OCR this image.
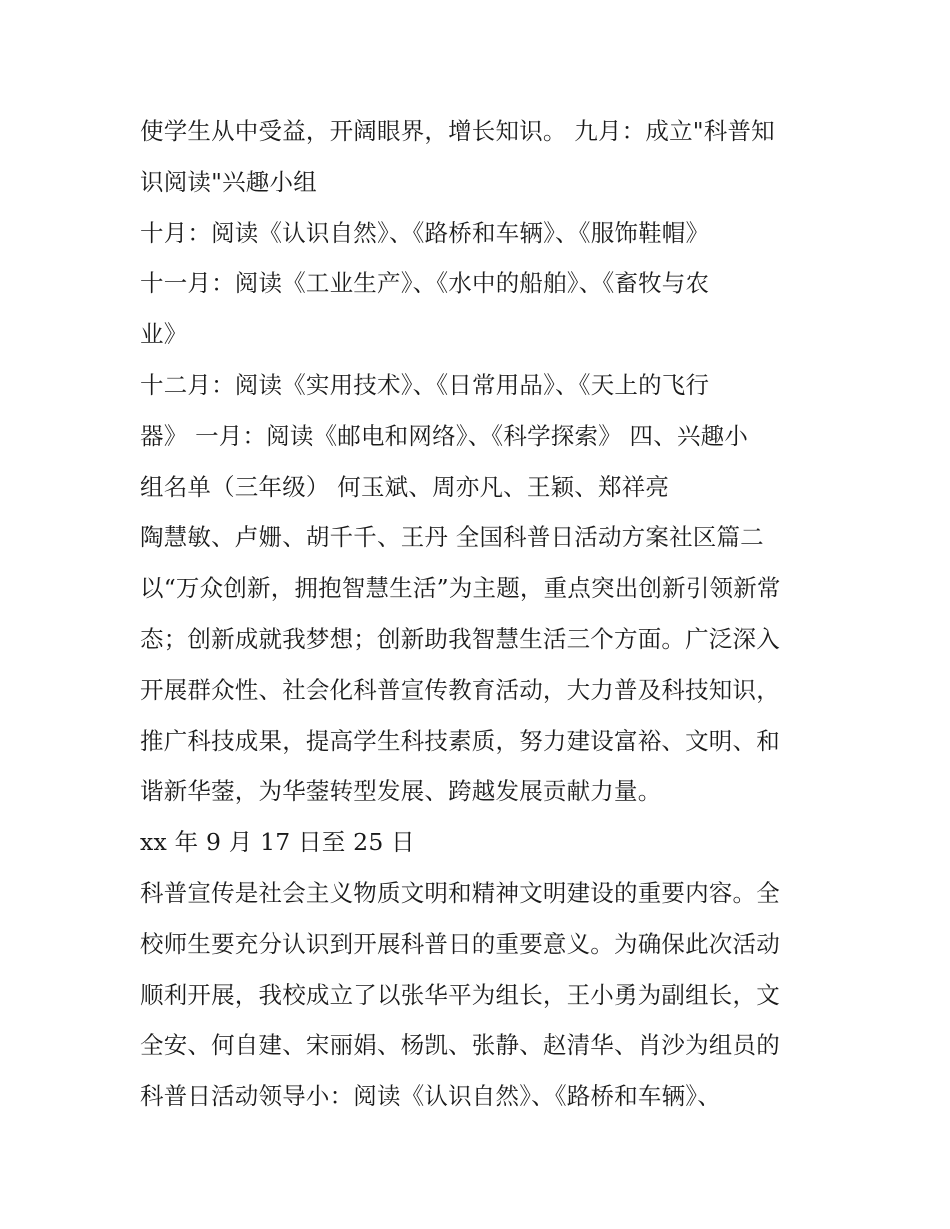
使学生从中受益，开阔眼界，增长知识。 九月：成立"科普知
识阅读"兴趣小组
十月：阅读《认识自然》、《路桥和车辆》、《服饰鞋帽》
十一月：阅读《工业生产》、《水中的船舶》、《畜牧与农
业》
十二月：阅读《实用技术》、《日常用品》、《天上的飞行
器》 一月：阅读《邮电和网络》、《科学探索》 四、兴趣小
组名单（三年级） 何玉斌、周亦凡、王颖、郑祥亮
陶慧敏、卢姗、胡千千、王丹 全国科普日活动方案社区篇二
以“万众创新，拥抱智慧生活”为主题，重点突出创新引领新常
态；创新成就我梦想；创新助我智慧生活三个方面。广泛深入
开展群众性、社会化科普宣传教育活动，大力普及科技知识，
推广科技成果，提高学生科技素质，努力建设富裕、文明、和
谐新华蓥，为华蓥转型发展、跨越发展贡献力量。
xx 年 9 月 17 日至 25 日
科普宣传是社会主义物质文明和精神文明建设的重要内容。全
校师生要充分认识到开展科普日的重要意义。为确保此次活动
顺利开展，我校成立了以张华平为组长，王小勇为副组长，文
全安、何自建、宋丽娟、杨凯、张静、赵清华、肖沙为组员的
科普日活动领导小：阅读《认识自然》、《路桥和车辆》、
